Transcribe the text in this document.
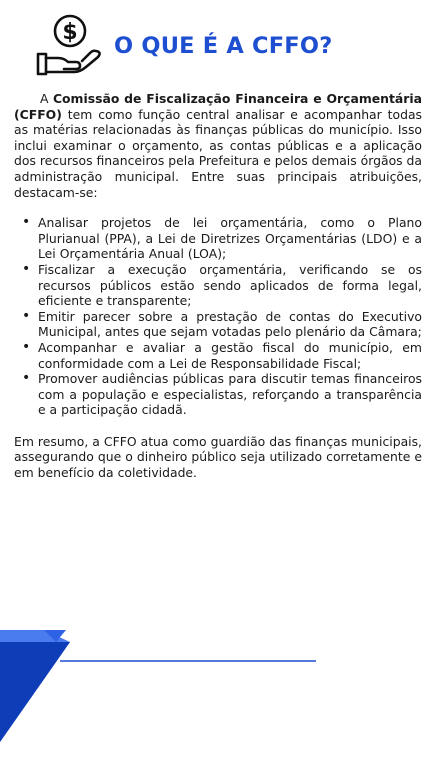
$
O QUE É A CFFO?

A Comissão de Fiscalização Financeira e Orçamentária (CFFO) tem como função central analisar e acompanhar todas as matérias relacionadas às finanças públicas do município. Isso inclui examinar o orçamento, as contas públicas e a aplicação dos recursos financeiros pela Prefeitura e pelos demais órgãos da administração municipal. Entre suas principais atribuições, destacam-se:

• Analisar projetos de lei orçamentária, como o Plano Plurianual (PPA), a Lei de Diretrizes Orçamentárias (LDO) e a Lei Orçamentária Anual (LOA);
• Fiscalizar a execução orçamentária, verificando se os recursos públicos estão sendo aplicados de forma legal, eficiente e transparente;
• Emitir parecer sobre a prestação de contas do Executivo Municipal, antes que sejam votadas pelo plenário da Câmara;
• Acompanhar e avaliar a gestão fiscal do município, em conformidade com a Lei de Responsabilidade Fiscal;
• Promover audiências públicas para discutir temas financeiros com a população e especialistas, reforçando a transparência e a participação cidadã.

Em resumo, a CFFO atua como guardião das finanças municipais, assegurando que o dinheiro público seja utilizado corretamente e em benefício da coletividade.
